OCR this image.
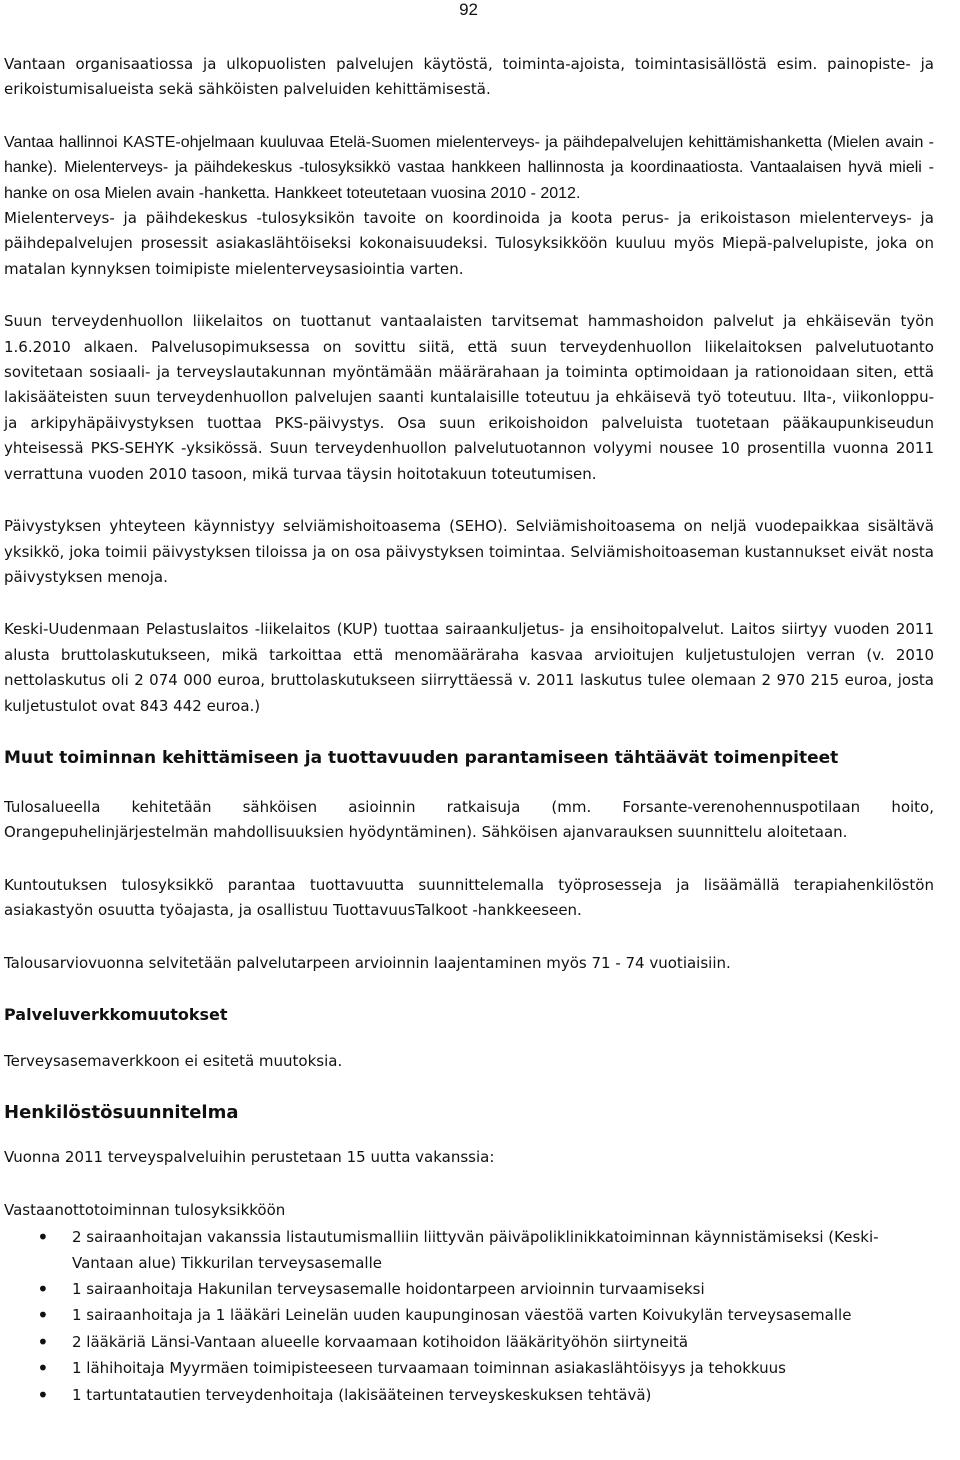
92

Vantaan organisaatiossa ja ulkopuolisten palvelujen käytöstä, toiminta-ajoista, toimintasisällöstä esim. painopiste- ja erikoistumisalueista sekä sähköisten palveluiden kehittämisestä.

Vantaa hallinnoi KASTE-ohjelmaan kuuluvaa Etelä-Suomen mielenterveys- ja päihdepalvelujen kehittämishanketta (Mielen avain -hanke). Mielenterveys- ja päihdekeskus -tulosyksikkö vastaa hankkeen hallinnosta ja koordinaatiosta. Vantaalaisen hyvä mieli -hanke on osa Mielen avain -hanketta. Hankkeet toteutetaan vuosina 2010 - 2012.

Mielenterveys- ja päihdekeskus -tulosyksikön tavoite on koordinoida ja koota perus- ja erikoistason mielenterveys- ja päihdepalvelujen prosessit asiakaslähtöiseksi kokonaisuudeksi. Tulosyksikköön kuuluu myös Miepä-palvelupiste, joka on matalan kynnyksen toimipiste mielenterveysasiointia varten.

Suun terveydenhuollon liikelaitos on tuottanut vantaalaisten tarvitsemat hammashoidon palvelut ja ehkäisevän työn 1.6.2010 alkaen. Palvelusopimuksessa on sovittu siitä, että suun terveydenhuollon liikelaitoksen palvelutuotanto sovitetaan sosiaali- ja terveyslautakunnan myöntämään määrärahaan ja toiminta optimoidaan ja rationoidaan siten, että lakisääteisten suun terveydenhuollon palvelujen saanti kuntalaisille toteutuu ja ehkäisevä työ toteutuu. Ilta-, viikonloppu- ja arkipyhäpäivystyksen tuottaa PKS-päivystys. Osa suun erikoishoidon palveluista tuotetaan pääkaupunkiseudun yhteisessä PKS-SEHYK -yksikössä. Suun terveydenhuollon palvelutuotannon volyymi nousee 10 prosentilla vuonna 2011 verrattuna vuoden 2010 tasoon, mikä turvaa täysin hoitotakuun toteutumisen.

Päivystyksen yhteyteen käynnistyy selviämishoitoasema (SEHO). Selviämishoitoasema on neljä vuodepaikkaa sisältävä yksikkö, joka toimii päivystyksen tiloissa ja on osa päivystyksen toimintaa. Selviämishoitoaseman kustannukset eivät nosta päivystyksen menoja.

Keski-Uudenmaan Pelastuslaitos -liikelaitos (KUP) tuottaa sairaankuljetus- ja ensihoitopalvelut. Laitos siirtyy vuoden 2011 alusta bruttolaskutukseen, mikä tarkoittaa että menomääräraha kasvaa arvioitujen kuljetustulojen verran (v. 2010 nettolaskutus oli 2 074 000 euroa, bruttolaskutukseen siirryttäessä v. 2011 laskutus tulee olemaan 2 970 215 euroa, josta kuljetustulot ovat 843 442 euroa.)

Muut toiminnan kehittämiseen ja tuottavuuden parantamiseen tähtäävät toimenpiteet

Tulosalueella kehitetään sähköisen asioinnin ratkaisuja (mm. Forsante-verenohennuspotilaan hoito, Orangepuhelinjärjestelmän mahdollisuuksien hyödyntäminen). Sähköisen ajanvarauksen suunnittelu aloitetaan.

Kuntoutuksen tulosyksikkö parantaa tuottavuutta suunnittelemalla työprosesseja ja lisäämällä terapiahenkilöstön asiakastyön osuutta työajasta, ja osallistuu TuottavuusTalkoot -hankkeeseen.

Talousarviovuonna selvitetään palvelutarpeen arvioinnin laajentaminen myös 71 - 74 vuotiaisiin.

Palveluverkkomuutokset

Terveysasemaverkkoon ei esitetä muutoksia.

Henkilöstösuunnitelma

Vuonna 2011 terveyspalveluihin perustetaan 15 uutta vakanssia:

Vastaanottotoiminnan tulosyksikköön

• 2 sairaanhoitajan vakanssia listautumismalliin liittyvän päiväpoliklinikkatoiminnan käynnistämiseksi (Keski-Vantaan alue) Tikkurilan terveysasemalle
• 1 sairaanhoitaja Hakunilan terveysasemalle hoidontarpeen arvioinnin turvaamiseksi
• 1 sairaanhoitaja ja 1 lääkäri Leinelän uuden kaupunginosan väestöä varten Koivukylän terveysasemalle
• 2 lääkäriä Länsi-Vantaan alueelle korvaamaan kotihoidon lääkärityöhön siirtyneitä
• 1 lähihoitaja Myyrmäen toimipisteeseen turvaamaan toiminnan asiakaslähtöisyys ja tehokkuus
• 1 tartuntatautien terveydenhoitaja (lakisääteinen terveyskeskuksen tehtävä)
